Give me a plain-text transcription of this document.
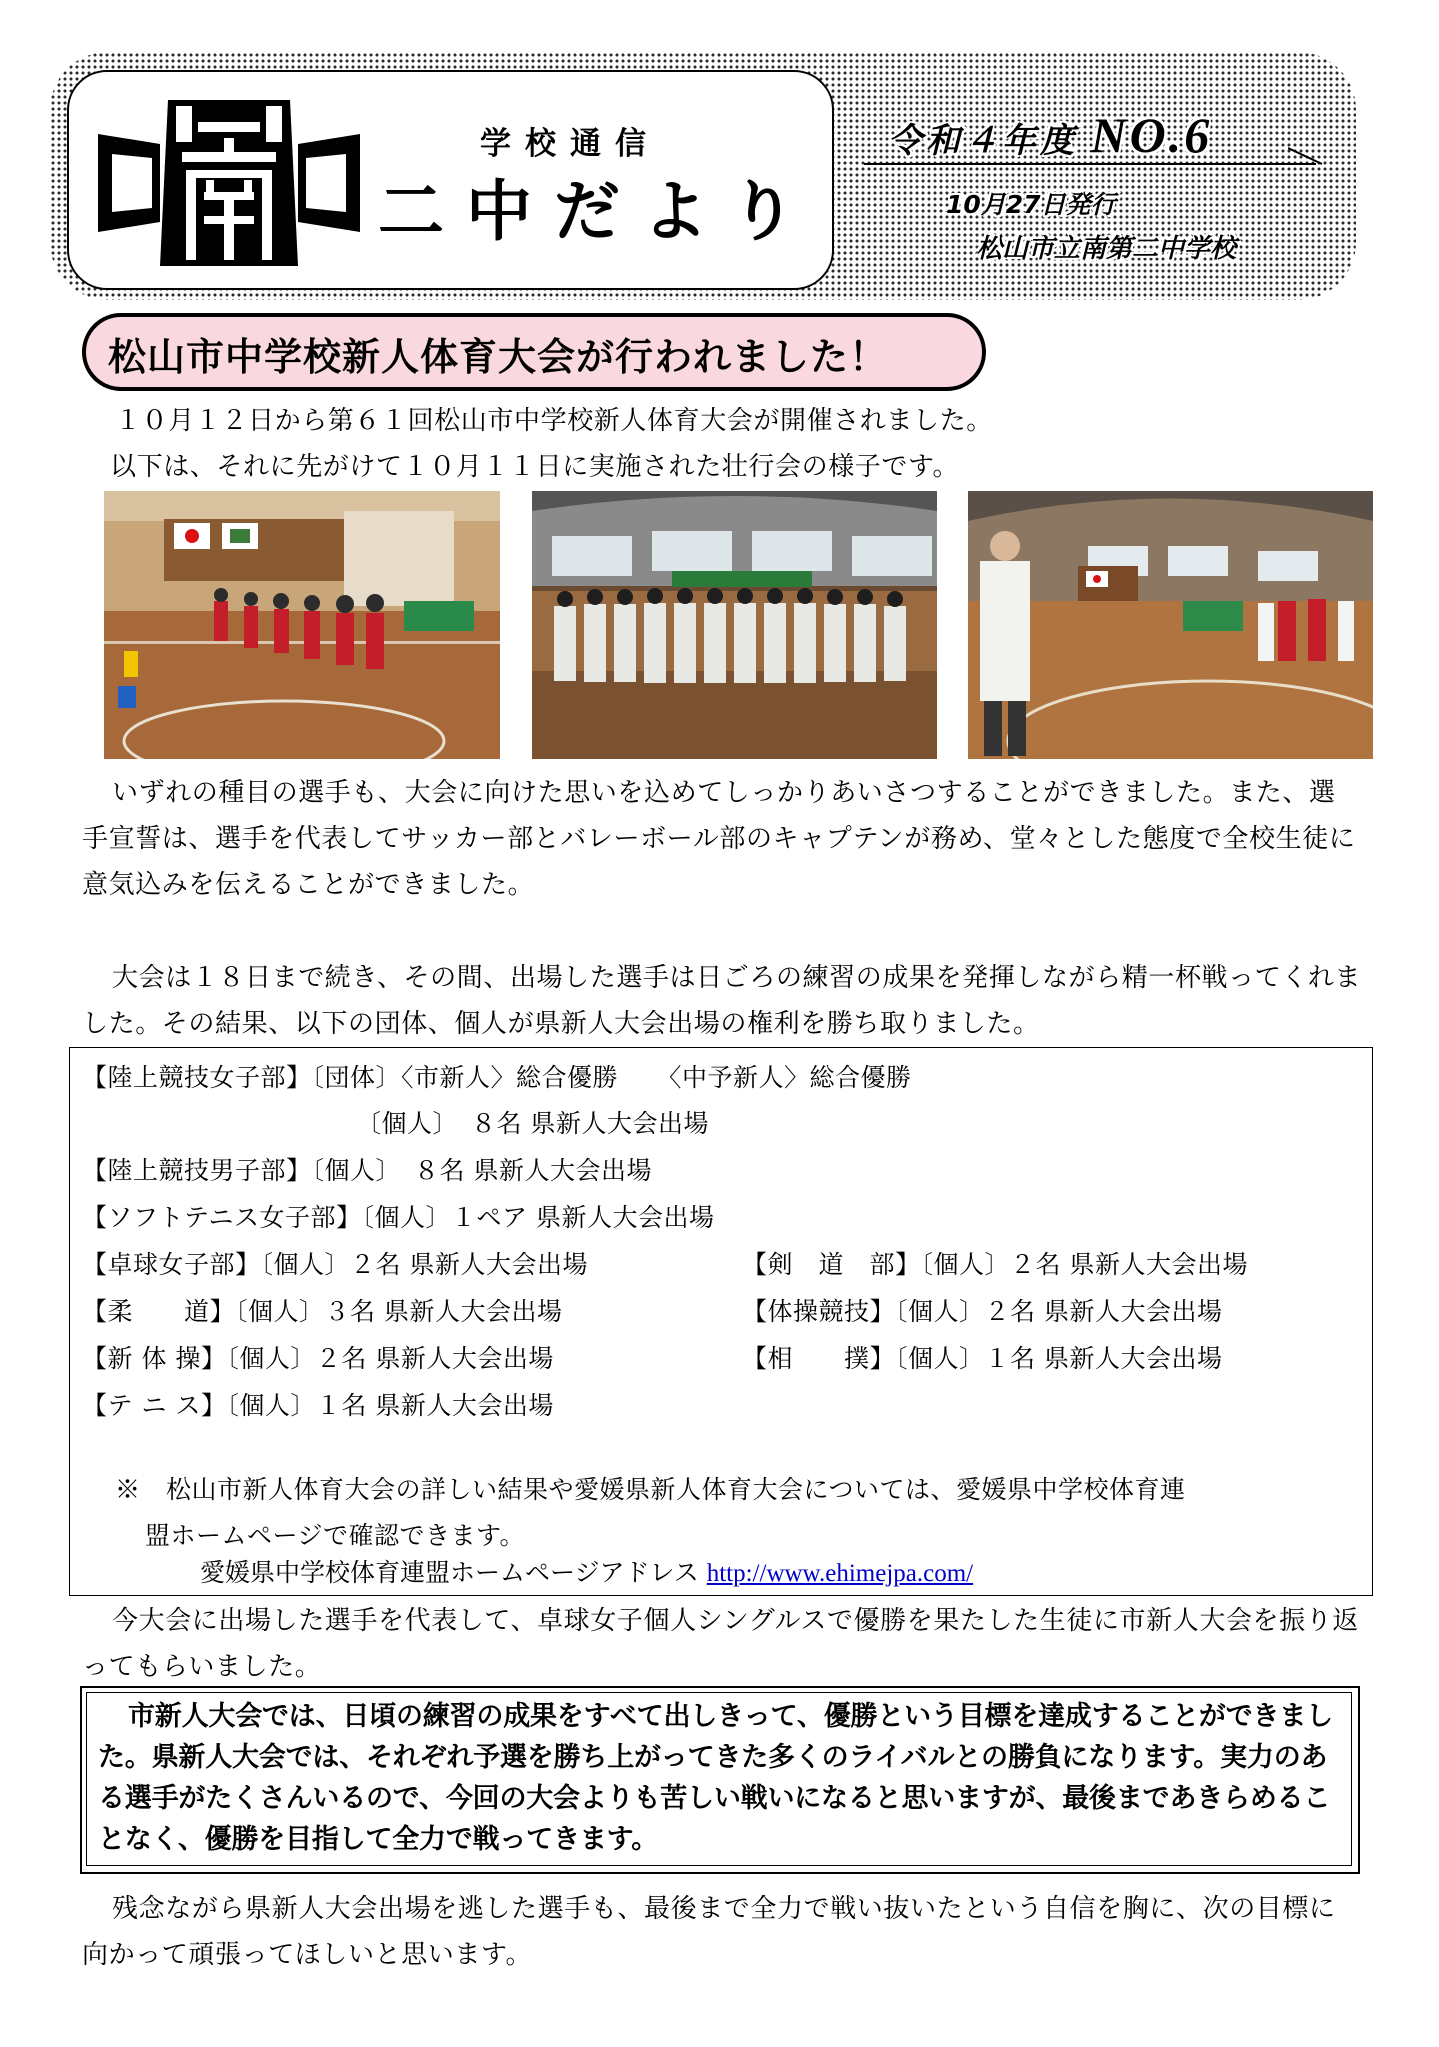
学校通信
二中だより
令和４年度 NO.6
10月27日発行
松山市立南第二中学校
松山市中学校新人体育大会が行われました！
１０月１２日から第６１回松山市中学校新人体育大会が開催されました。
以下は、それに先がけて１０月１１日に実施された壮行会の様子です。
いずれの種目の選手も、大会に向けた思いを込めてしっかりあいさつすることができました。また、選手宣誓は、選手を代表してサッカー部とバレーボール部のキャプテンが務め、堂々とした態度で全校生徒に意気込みを伝えることができました。
大会は１８日まで続き、その間、出場した選手は日ごろの練習の成果を発揮しながら精一杯戦ってくれました。その結果、以下の団体、個人が県新人大会出場の権利を勝ち取りました。
【陸上競技女子部】〔団体〕〈市新人〉総合優勝　　〈中予新人〉総合優勝
〔個人〕　８名 県新人大会出場
【陸上競技男子部】〔個人〕　８名 県新人大会出場
【ソフトテニス女子部】〔個人〕１ペア 県新人大会出場
【卓球女子部】〔個人〕２名 県新人大会出場	【剣　道　部】〔個人〕２名 県新人大会出場
【柔　　道】〔個人〕３名 県新人大会出場	【体操競技】〔個人〕２名 県新人大会出場
【新 体 操】〔個人〕２名 県新人大会出場	【相　　撲】〔個人〕１名 県新人大会出場
【テ ニ ス】〔個人〕１名 県新人大会出場
※　 松山市新人体育大会の詳しい結果や愛媛県新人体育大会については、愛媛県中学校体育連
盟ホームページで確認できます。
愛媛県中学校体育連盟ホームページアドレス http://www.ehimejpa.com/
今大会に出場した選手を代表して、卓球女子個人シングルスで優勝を果たした生徒に市新人大会を振り返ってもらいました。
市新人大会では、日頃の練習の成果をすべて出しきって、優勝という目標を達成することができました。県新人大会では、それぞれ予選を勝ち上がってきた多くのライバルとの勝負になります。実力のある選手がたくさんいるので、今回の大会よりも苦しい戦いになると思いますが、最後まであきらめることなく、優勝を目指して全力で戦ってきます。
残念ながら県新人大会出場を逃した選手も、最後まで全力で戦い抜いたという自信を胸に、次の目標に向かって頑張ってほしいと思います。
